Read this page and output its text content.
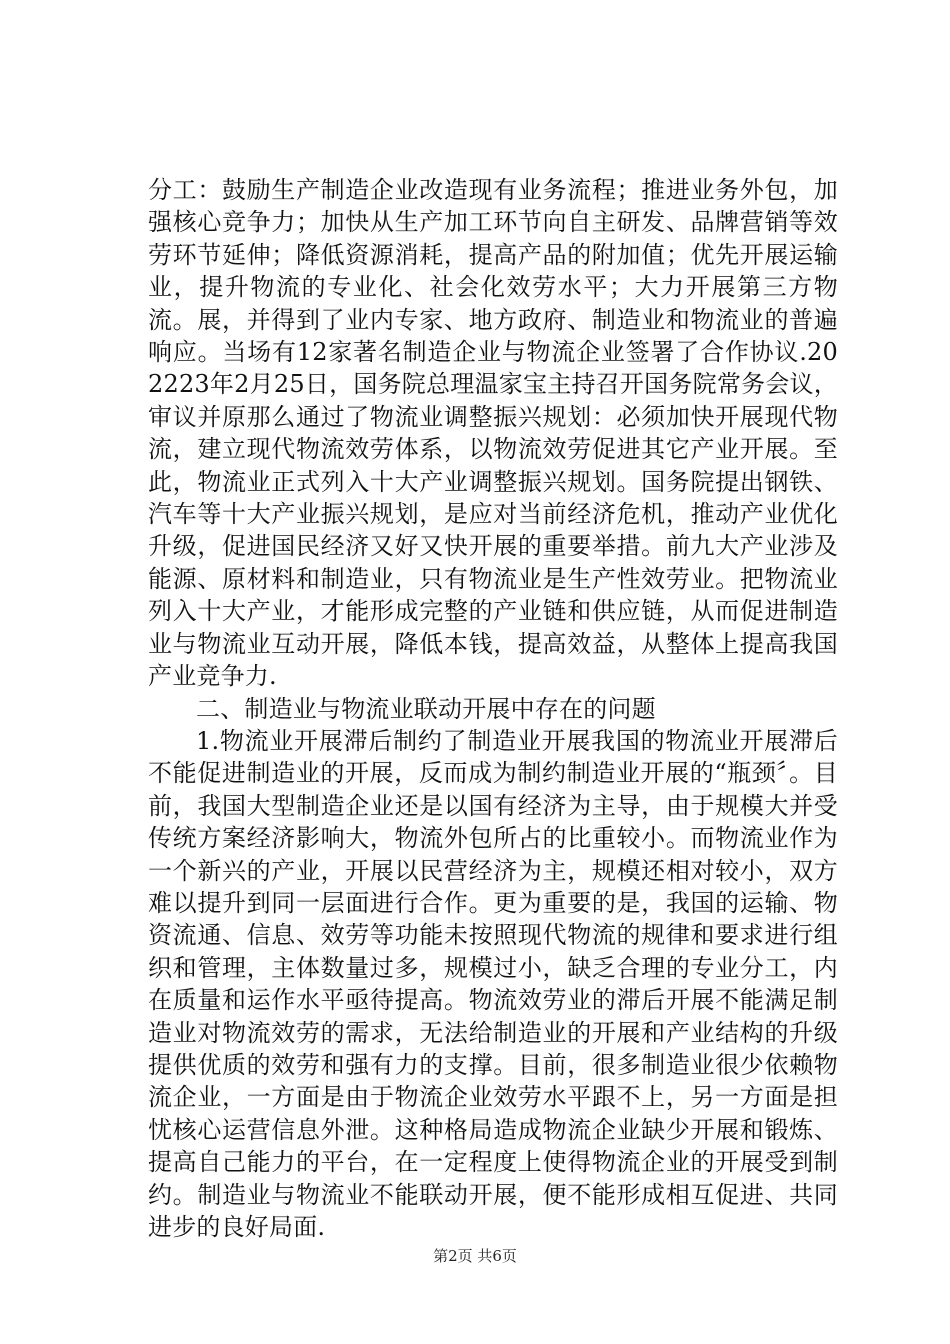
分工：鼓励生产制造企业改造现有业务流程；推进业务外包，加强核心竞争力；加快从生产加工环节向自主研发、品牌营销等效劳环节延伸；降低资源消耗，提高产品的附加值；优先开展运输业，提升物流的专业化、社会化效劳水平；大力开展第三方物流。展，并得到了业内专家、地方政府、制造业和物流业的普遍响应。当场有12家著名制造企业与物流企业签署了合作协议.202223年2月25日，国务院总理温家宝主持召开国务院常务会议，审议并原那么通过了物流业调整振兴规划：必须加快开展现代物流，建立现代物流效劳体系，以物流效劳促进其它产业开展。至此，物流业正式列入十大产业调整振兴规划。国务院提出钢铁、汽车等十大产业振兴规划，是应对当前经济危机，推动产业优化升级，促进国民经济又好又快开展的重要举措。前九大产业涉及能源、原材料和制造业，只有物流业是生产性效劳业。把物流业列入十大产业，才能形成完整的产业链和供应链，从而促进制造业与物流业互动开展，降低本钱，提高效益，从整体上提高我国产业竞争力.

二、制造业与物流业联动开展中存在的问题

1.物流业开展滞后制约了制造业开展我国的物流业开展滞后不能促进制造业的开展，反而成为制约制造业开展的“瓶颈〞。目前，我国大型制造企业还是以国有经济为主导，由于规模大并受传统方案经济影响大，物流外包所占的比重较小。而物流业作为一个新兴的产业，开展以民营经济为主，规模还相对较小，双方难以提升到同一层面进行合作。更为重要的是，我国的运输、物资流通、信息、效劳等功能未按照现代物流的规律和要求进行组织和管理，主体数量过多，规模过小，缺乏合理的专业分工，内在质量和运作水平亟待提高。物流效劳业的滞后开展不能满足制造业对物流效劳的需求，无法给制造业的开展和产业结构的升级提供优质的效劳和强有力的支撑。目前，很多制造业很少依赖物流企业，一方面是由于物流企业效劳水平跟不上，另一方面是担忧核心运营信息外泄。这种格局造成物流企业缺少开展和锻炼、提高自己能力的平台，在一定程度上使得物流企业的开展受到制约。制造业与物流业不能联动开展，便不能形成相互促进、共同进步的良好局面.

第2页 共6页
